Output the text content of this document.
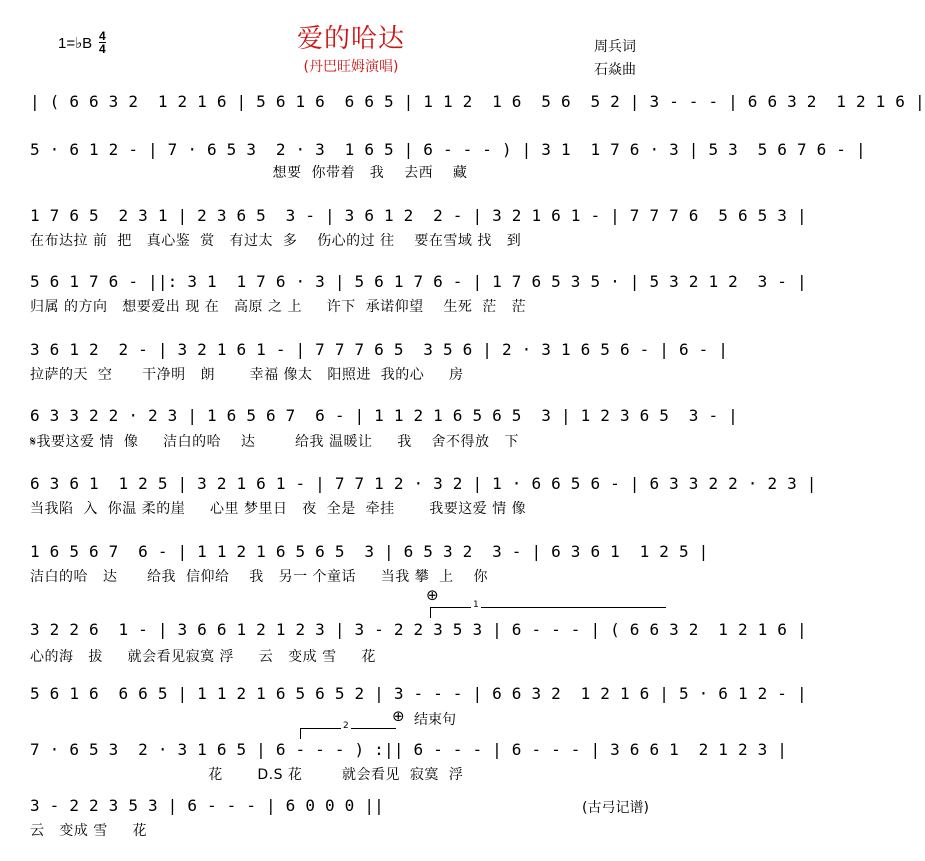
1=♭B 4
4	爱的哈达
(丹巴旺姆演唱)
周兵词
石焱曲
| ( 6 6 3 2  1 2 1 6 | 5 6 1 6  6 6 5 | 1 1 2  1 6  5 6  5 2 | 3 - - - | 6 6 3 2  1 2 1 6 |
5 · 6 1 2 - | 7 · 6 5 3  2 · 3  1 6 5 | 6 - - - ) | 3 1  1 7 6 · 3 | 5 3  5 6 7 6 - |
想要  你带着   我    去西    藏
1 7 6 5  2 3 1 | 2 3 6 5  3 - | 3 6 1 2  2 - | 3 2 1 6 1 - | 7 7 7 6  5 6 5 3 |
在布达拉 前  把   真心鉴  赏   有过太  多    伤心的过 往    要在雪域 找   到
5 6 1 7 6 - ||: 3 1  1 7 6 · 3 | 5 6 1 7 6 - | 1 7 6 5 3 5 · | 5 3 2 1 2  3 - |
归属 的方向   想要爱出 现 在   高原 之 上     许下  承诺仰望    生死  茫   茫
3 6 1 2  2 - | 3 2 1 6 1 - | 7 7 7 6 5  3 5 6 | 2 · 3 1 6 5 6 - | 6 - |
拉萨的天  空      干净明   朗       幸福 像太   阳照进  我的心     房
6 3 3 2 2 · 2 3 | 1 6 5 6 7  6 - | 1 1 2 1 6 5 6 5  3 | 1 2 3 6 5  3 - |
𝄋我要这爱 情  像     洁白的哈    达        给我 温暖让     我    舍不得放   下
6 3 6 1  1 2 5 | 3 2 1 6 1 - | 7 7 1 2 · 3 2 | 1 · 6 6 5 6 - | 6 3 3 2 2 · 2 3 |
当我陷  入  你温 柔的崖     心里 梦里日   夜  全是  牵挂       我要这爱 情 像
1 6 5 6 7  6 - | 1 1 2 1 6 5 6 5  3 | 6 5 3 2  3 - | 6 3 6 1  1 2 5 |
洁白的哈   达      给我  信仰给    我   另一 个童话     当我 攀  上    你
⊕
1
3 2 2 6  1 - | 3 6 6 1 2 1 2 3 | 3 - 2 2 3 5 3 | 6 - - - | ( 6 6 3 2  1 2 1 6 |
心的海   拔     就会看见寂寞 浮     云   变成 雪     花
5 6 1 6  6 6 5 | 1 1 2 1 6 5 6 5 2 | 3 - - - | 6 6 3 2  1 2 1 6 | 5 · 6 1 2 - |
⊕ 结束句
2
7 · 6 5 3  2 · 3 1 6 5 | 6 - - - ) :|| 6 - - - | 6 - - - | 3 6 6 1  2 1 2 3 |
花       D.S 花        就会看见  寂寞  浮
3 - 2 2 3 5 3 | 6 - - - | 6 0 0 0 ||
云   变成 雪     花
(古弓记谱)
